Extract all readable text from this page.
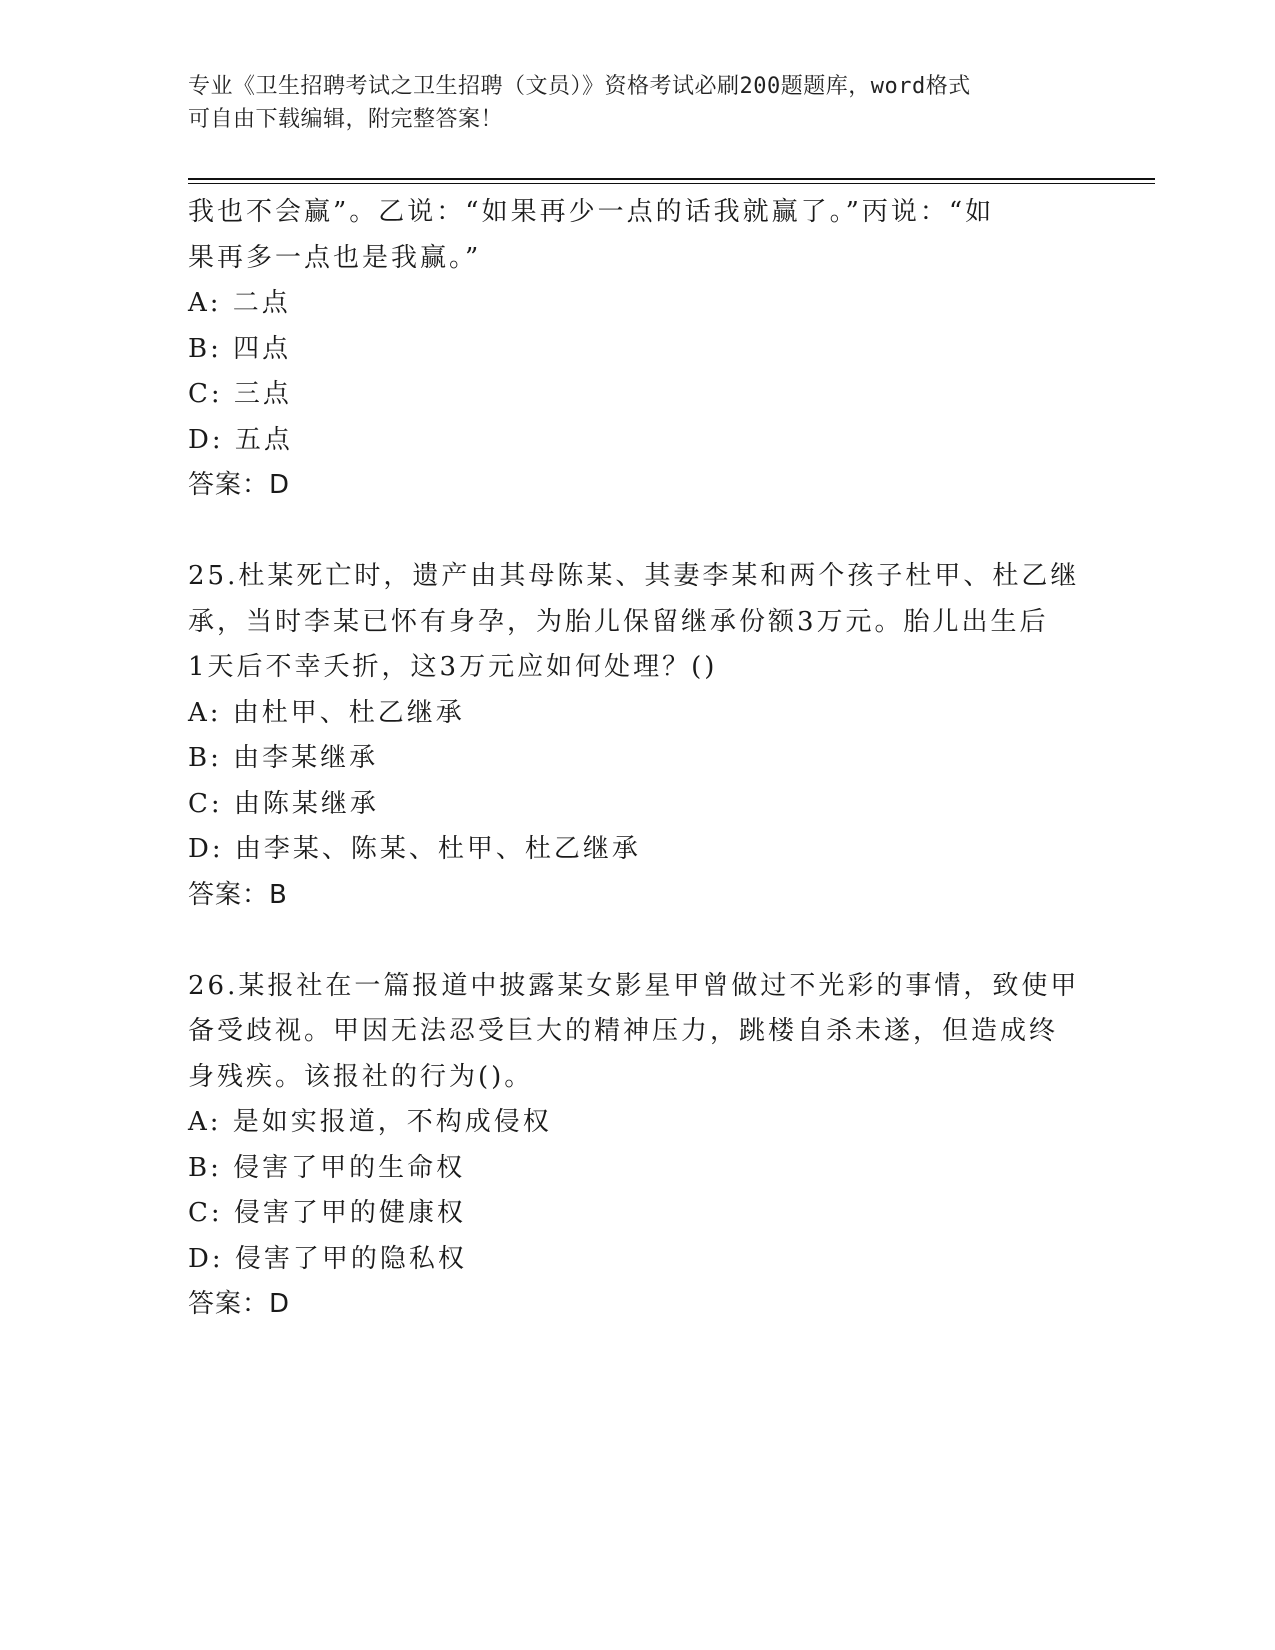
专业《卫生招聘考试之卫生招聘（文员）》资格考试必刷200题题库，word格式
可自由下载编辑，附完整答案！
我也不会赢”。乙说：“如果再少一点的话我就赢了。”丙说：“如
果再多一点也是我赢。”
A: 二点
B: 四点
C: 三点
D: 五点
答案：D
25.杜某死亡时，遗产由其母陈某、其妻李某和两个孩子杜甲、杜乙继
承，当时李某已怀有身孕，为胎儿保留继承份额3万元。胎儿出生后
1天后不幸夭折，这3万元应如何处理？()
A: 由杜甲、杜乙继承
B: 由李某继承
C: 由陈某继承
D: 由李某、陈某、杜甲、杜乙继承
答案：B
26.某报社在一篇报道中披露某女影星甲曾做过不光彩的事情，致使甲
备受歧视。甲因无法忍受巨大的精神压力，跳楼自杀未遂，但造成终
身残疾。该报社的行为()。
A: 是如实报道，不构成侵权
B: 侵害了甲的生命权
C: 侵害了甲的健康权
D: 侵害了甲的隐私权
答案：D
